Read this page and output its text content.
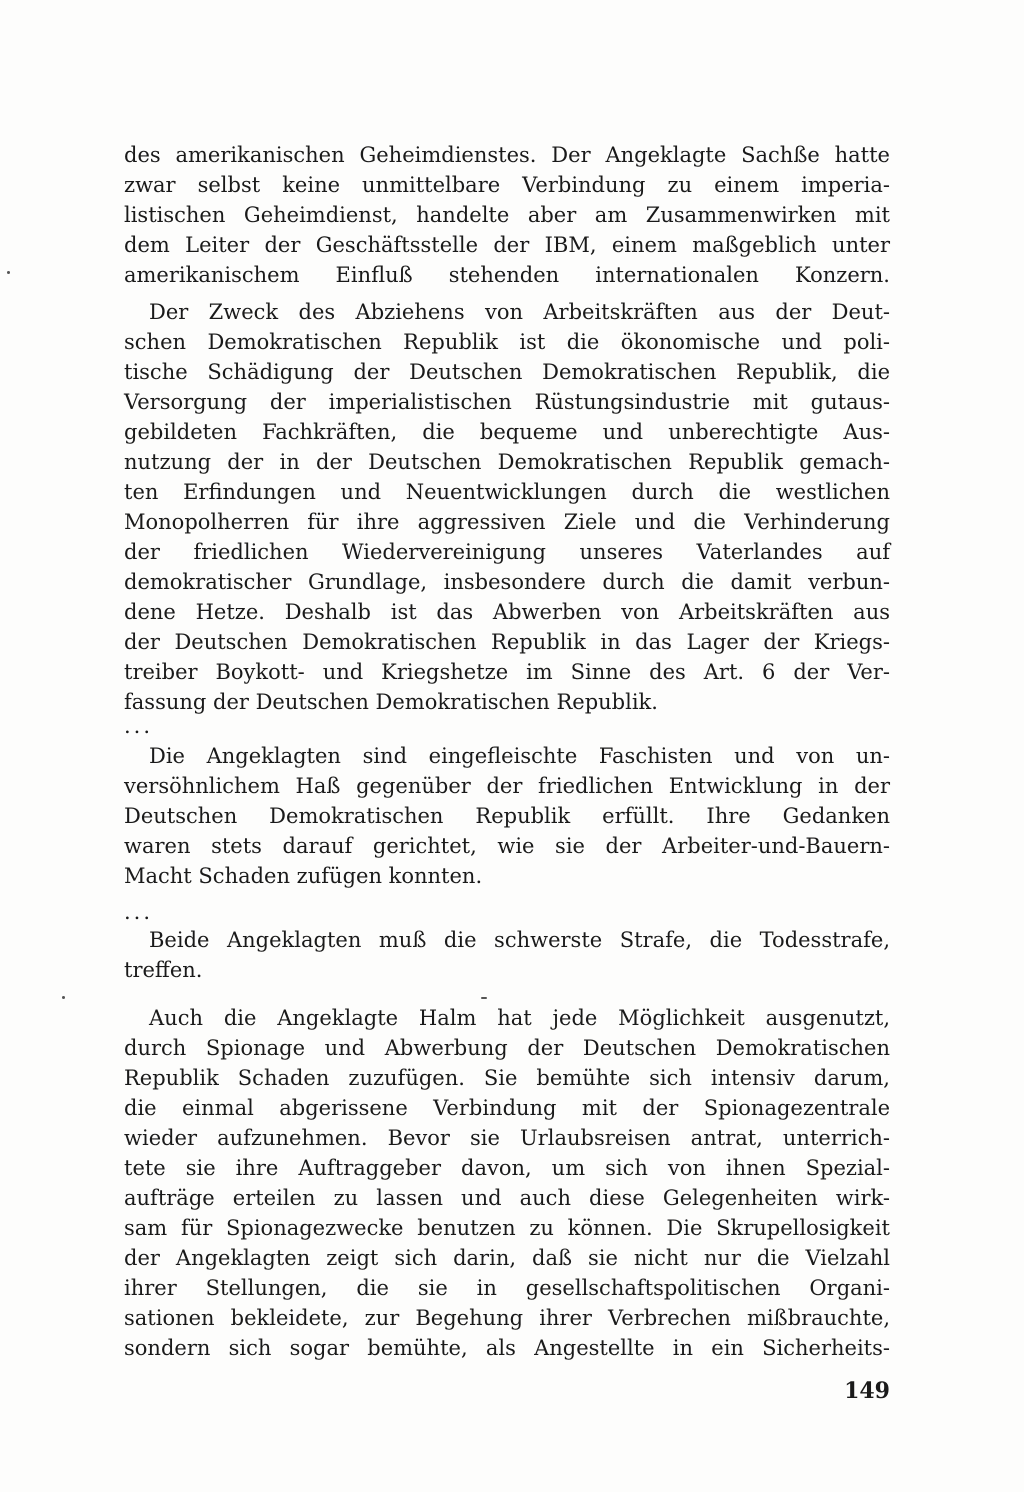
des amerikanischen Geheimdienstes. Der Angeklagte Sachße hatte
zwar selbst keine unmittelbare Verbindung zu einem imperia-
listischen Geheimdienst, handelte aber am Zusammenwirken mit
dem Leiter der Geschäftsstelle der IBM, einem maßgeblich unter
amerikanischem Einfluß stehenden internationalen Konzern.
Der Zweck des Abziehens von Arbeitskräften aus der Deut-
schen Demokratischen Republik ist die ökonomische und poli-
tische Schädigung der Deutschen Demokratischen Republik, die
Versorgung der imperialistischen Rüstungsindustrie mit gutaus-
gebildeten Fachkräften, die bequeme und unberechtigte Aus-
nutzung der in der Deutschen Demokratischen Republik gemach-
ten Erfindungen und Neuentwicklungen durch die westlichen
Monopolherren für ihre aggressiven Ziele und die Verhinderung
der friedlichen Wiedervereinigung unseres Vaterlandes auf
demokratischer Grundlage, insbesondere durch die damit verbun-
dene Hetze. Deshalb ist das Abwerben von Arbeitskräften aus
der Deutschen Demokratischen Republik in das Lager der Kriegs-
treiber Boykott- und Kriegshetze im Sinne des Art. 6 der Ver-
fassung der Deutschen Demokratischen Republik.
...
Die Angeklagten sind eingefleischte Faschisten und von un-
versöhnlichem Haß gegenüber der friedlichen Entwicklung in der
Deutschen Demokratischen Republik erfüllt. Ihre Gedanken
waren stets darauf gerichtet, wie sie der Arbeiter-und-Bauern-
Macht Schaden zufügen konnten.
...
Beide Angeklagten muß die schwerste Strafe, die Todesstrafe,
treffen.
Auch die Angeklagte Halm hat jede Möglichkeit ausgenutzt,
durch Spionage und Abwerbung der Deutschen Demokratischen
Republik Schaden zuzufügen. Sie bemühte sich intensiv darum,
die einmal abgerissene Verbindung mit der Spionagezentrale
wieder aufzunehmen. Bevor sie Urlaubsreisen antrat, unterrich-
tete sie ihre Auftraggeber davon, um sich von ihnen Spezial-
aufträge erteilen zu lassen und auch diese Gelegenheiten wirk-
sam für Spionagezwecke benutzen zu können. Die Skrupellosigkeit
der Angeklagten zeigt sich darin, daß sie nicht nur die Vielzahl
ihrer Stellungen, die sie in gesellschaftspolitischen Organi-
sationen bekleidete, zur Begehung ihrer Verbrechen mißbrauchte,
sondern sich sogar bemühte, als Angestellte in ein Sicherheits-
149
